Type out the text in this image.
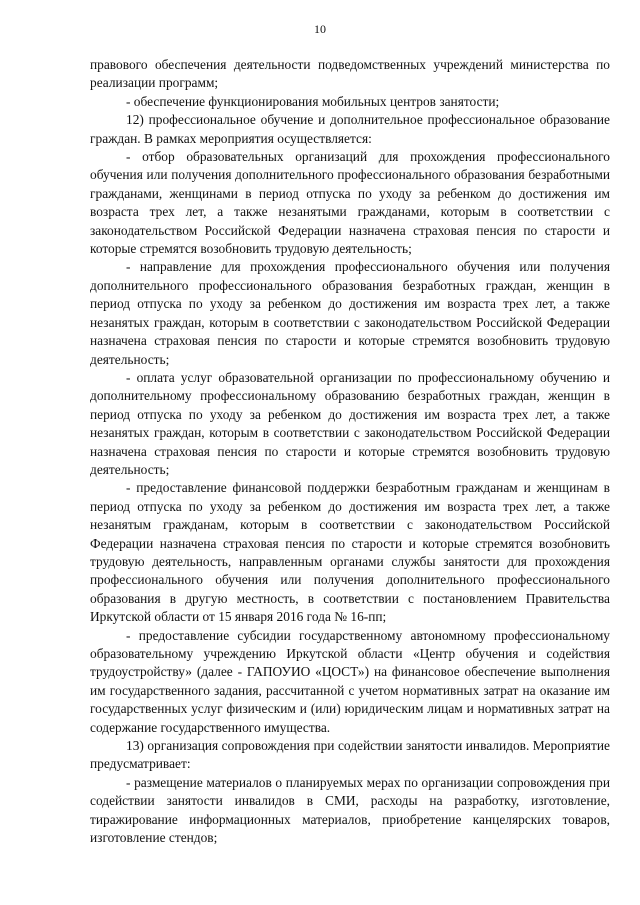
10

правового обеспечения деятельности подведомственных учреждений министерства по реализации программ;

- обеспечение функционирования мобильных центров занятости;

12) профессиональное обучение и дополнительное профессиональное образование граждан. В рамках мероприятия осуществляется:

- отбор образовательных организаций для прохождения профессионального обучения или получения дополнительного профессионального образования безработными гражданами, женщинами в период отпуска по уходу за ребенком до достижения им возраста трех лет, а также незанятыми гражданами, которым в соответствии с законодательством Российской Федерации назначена страховая пенсия по старости и которые стремятся возобновить трудовую деятельность;

- направление для прохождения профессионального обучения или получения дополнительного профессионального образования безработных граждан, женщин в период отпуска по уходу за ребенком до достижения им возраста трех лет, а также незанятых граждан, которым в соответствии с законодательством Российской Федерации назначена страховая пенсия по старости и которые стремятся возобновить трудовую деятельность;

- оплата услуг образовательной организации по профессиональному обучению и дополнительному профессиональному образованию безработных граждан, женщин в период отпуска по уходу за ребенком до достижения им возраста трех лет, а также незанятых граждан, которым в соответствии с законодательством Российской Федерации назначена страховая пенсия по старости и которые стремятся возобновить трудовую деятельность;

- предоставление финансовой поддержки безработным гражданам и женщинам в период отпуска по уходу за ребенком до достижения им возраста трех лет, а также незанятым гражданам, которым в соответствии с законодательством Российской Федерации назначена страховая пенсия по старости и которые стремятся возобновить трудовую деятельность, направленным органами службы занятости для прохождения профессионального обучения или получения дополнительного профессионального образования в другую местность, в соответствии с постановлением Правительства Иркутской области от 15 января 2016 года № 16-пп;

- предоставление субсидии государственному автономному профессиональному образовательному учреждению Иркутской области «Центр обучения и содействия трудоустройству» (далее - ГАПОУИО «ЦОСТ») на финансовое обеспечение выполнения им государственного задания, рассчитанной с учетом нормативных затрат на оказание им государственных услуг физическим и (или) юридическим лицам и нормативных затрат на содержание государственного имущества.

13) организация сопровождения при содействии занятости инвалидов. Мероприятие предусматривает:

- размещение материалов о планируемых мерах по организации сопровождения при содействии занятости инвалидов в СМИ, расходы на разработку, изготовление, тиражирование информационных материалов, приобретение канцелярских товаров, изготовление стендов;
